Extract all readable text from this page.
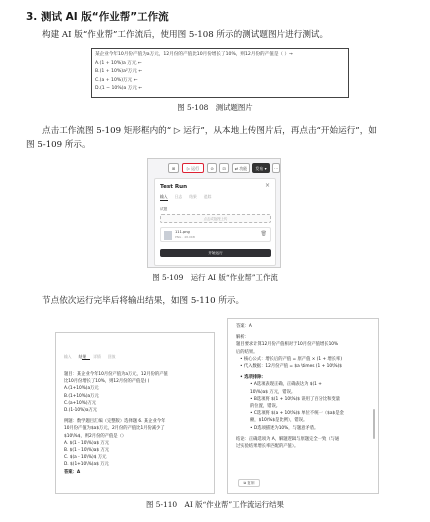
3. 测试 AI 版“作业帮”工作流
构建 AI 版“作业帮”工作流后，使用图 5-108 所示的测试题图片进行测试。
某企业今年10月份产值为a万元，12月份的产值比10月份增长了10%，则12月份的产值是（ ）→
A.(1 + 10%)a 万元 ←
B.(1 + 10%)a²万元 ←
C.(a + 10%)万元 ←
D.(1 − 10%)a 万元 ←
图 5-108　测试题图片
点击工作流图 5-109 矩形框内的“ ▷ 运行”，从本地上传图片后，再点击“开始运行”，如
图 5-109 所示。
⊞	▷ 运行	⊙	⊡	⇄ 功能	发布 ▾	⋯
Test Run	×
输入 日志 结果 追踪
试题
点击或拖拽上传
111.png
PNG · 48.0KB	🗑
开始运行
图 5-109　运行 AI 版“作业帮”工作流
节点依次运行完毕后将输出结果，如图 5-110 所示。
输入 结果 详情 回放
题目：某企业今年10月份产值为a万元，12月份的产值
比10月份增长了10%，则12月份的产值是( )
A.(1+10%)a万元
B.(1+10%)a万元
C.(a+10%)万元
D.(1-10%)a万元
例题：数学题目汇编（完整版）选择题 6. 某企业今年
10月份产值为$a$万元，2月份的产值比1月份减少了
$10\%$，则2月份的产值是（）
A. $(1 - 10\%)a$ 万元
B. $(1 - 10\%)a$ 万元
C. $(a - 10\%)$ 万元
D. $(1+10\%)a$ 万元
答案：A
答案：A
解析：
题目要求计算12月份产值相对于10月份产值增长10%
后的结果。
• 核心公式：增长后的产值 = 原产值 × (1 + 增长率)
• 代入数据：12月份产值 = $a \times (1 + 10\%)$
• 选项排除：
• A选项表现正确，正确表达为 $(1 +
10\%)a$ 万元，错误。
• B选项将 $(1 + 10\%)$ 误用了百分比和变量
的位置，错误。
• C选项将 $(a + 10\%)$ 单位不统一（$a$是金
额，$10\%$是比例），错误。
• D选项描述为10%，与题意矛盾。
结论：正确选项为 A，解题逻辑与原题完全一致（与通
过实验结果增长率匹配的产值）。
⧉ 复制
图 5-110　AI 版“作业帮”工作流运行结果
